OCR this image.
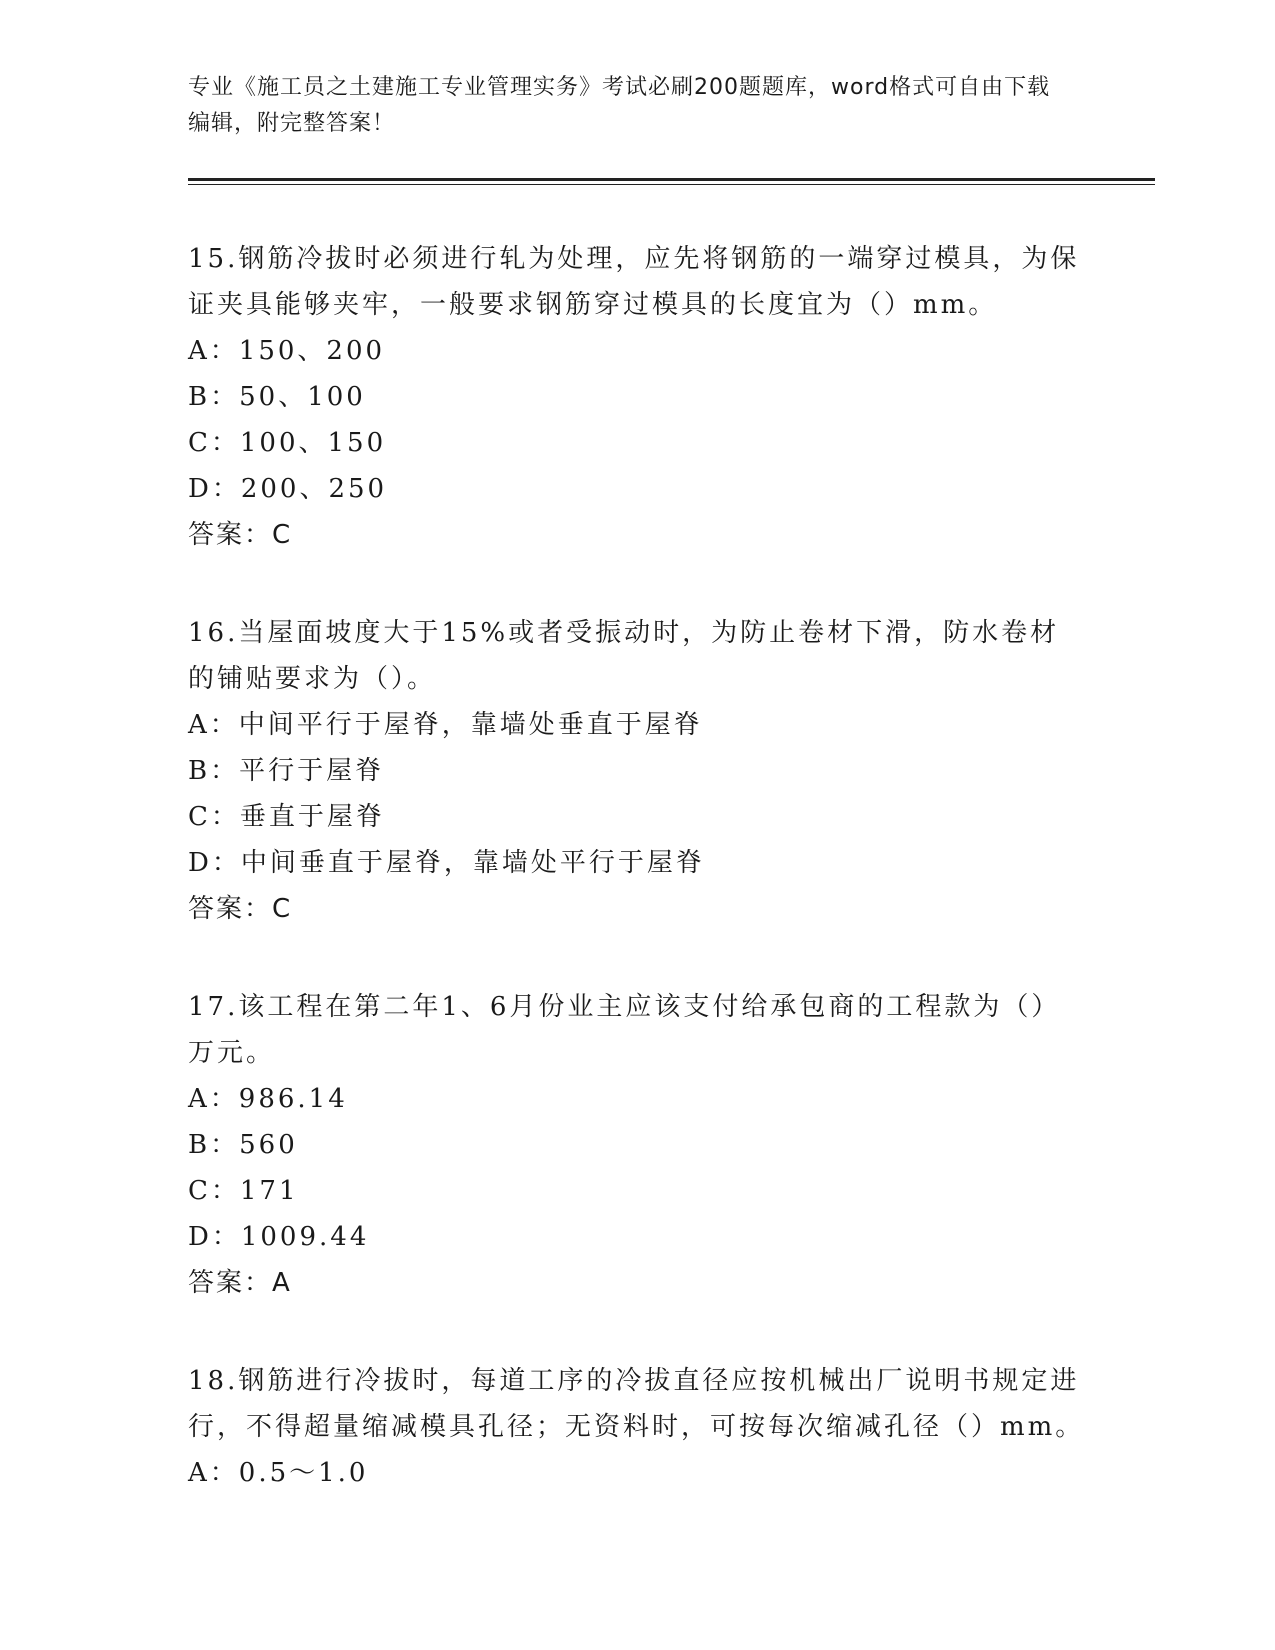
专业《施工员之土建施工专业管理实务》考试必刷200题题库，word格式可自由下载编辑，附完整答案！
15.钢筋冷拔时必须进行轧为处理，应先将钢筋的一端穿过模具，为保证夹具能够夹牢，一般要求钢筋穿过模具的长度宜为（）mm。
A：150、200
B：50、100
C：100、150
D：200、250
答案：C
16.当屋面坡度大于15%或者受振动时，为防止卷材下滑，防水卷材的铺贴要求为（）。
A：中间平行于屋脊，靠墙处垂直于屋脊
B：平行于屋脊
C：垂直于屋脊
D：中间垂直于屋脊，靠墙处平行于屋脊
答案：C
17.该工程在第二年1、6月份业主应该支付给承包商的工程款为（）万元。
A：986.14
B：560
C：171
D：1009.44
答案：A
18.钢筋进行冷拔时，每道工序的冷拔直径应按机械出厂说明书规定进行，不得超量缩减模具孔径；无资料时，可按每次缩减孔径（）mm。
A：0.5～1.0
